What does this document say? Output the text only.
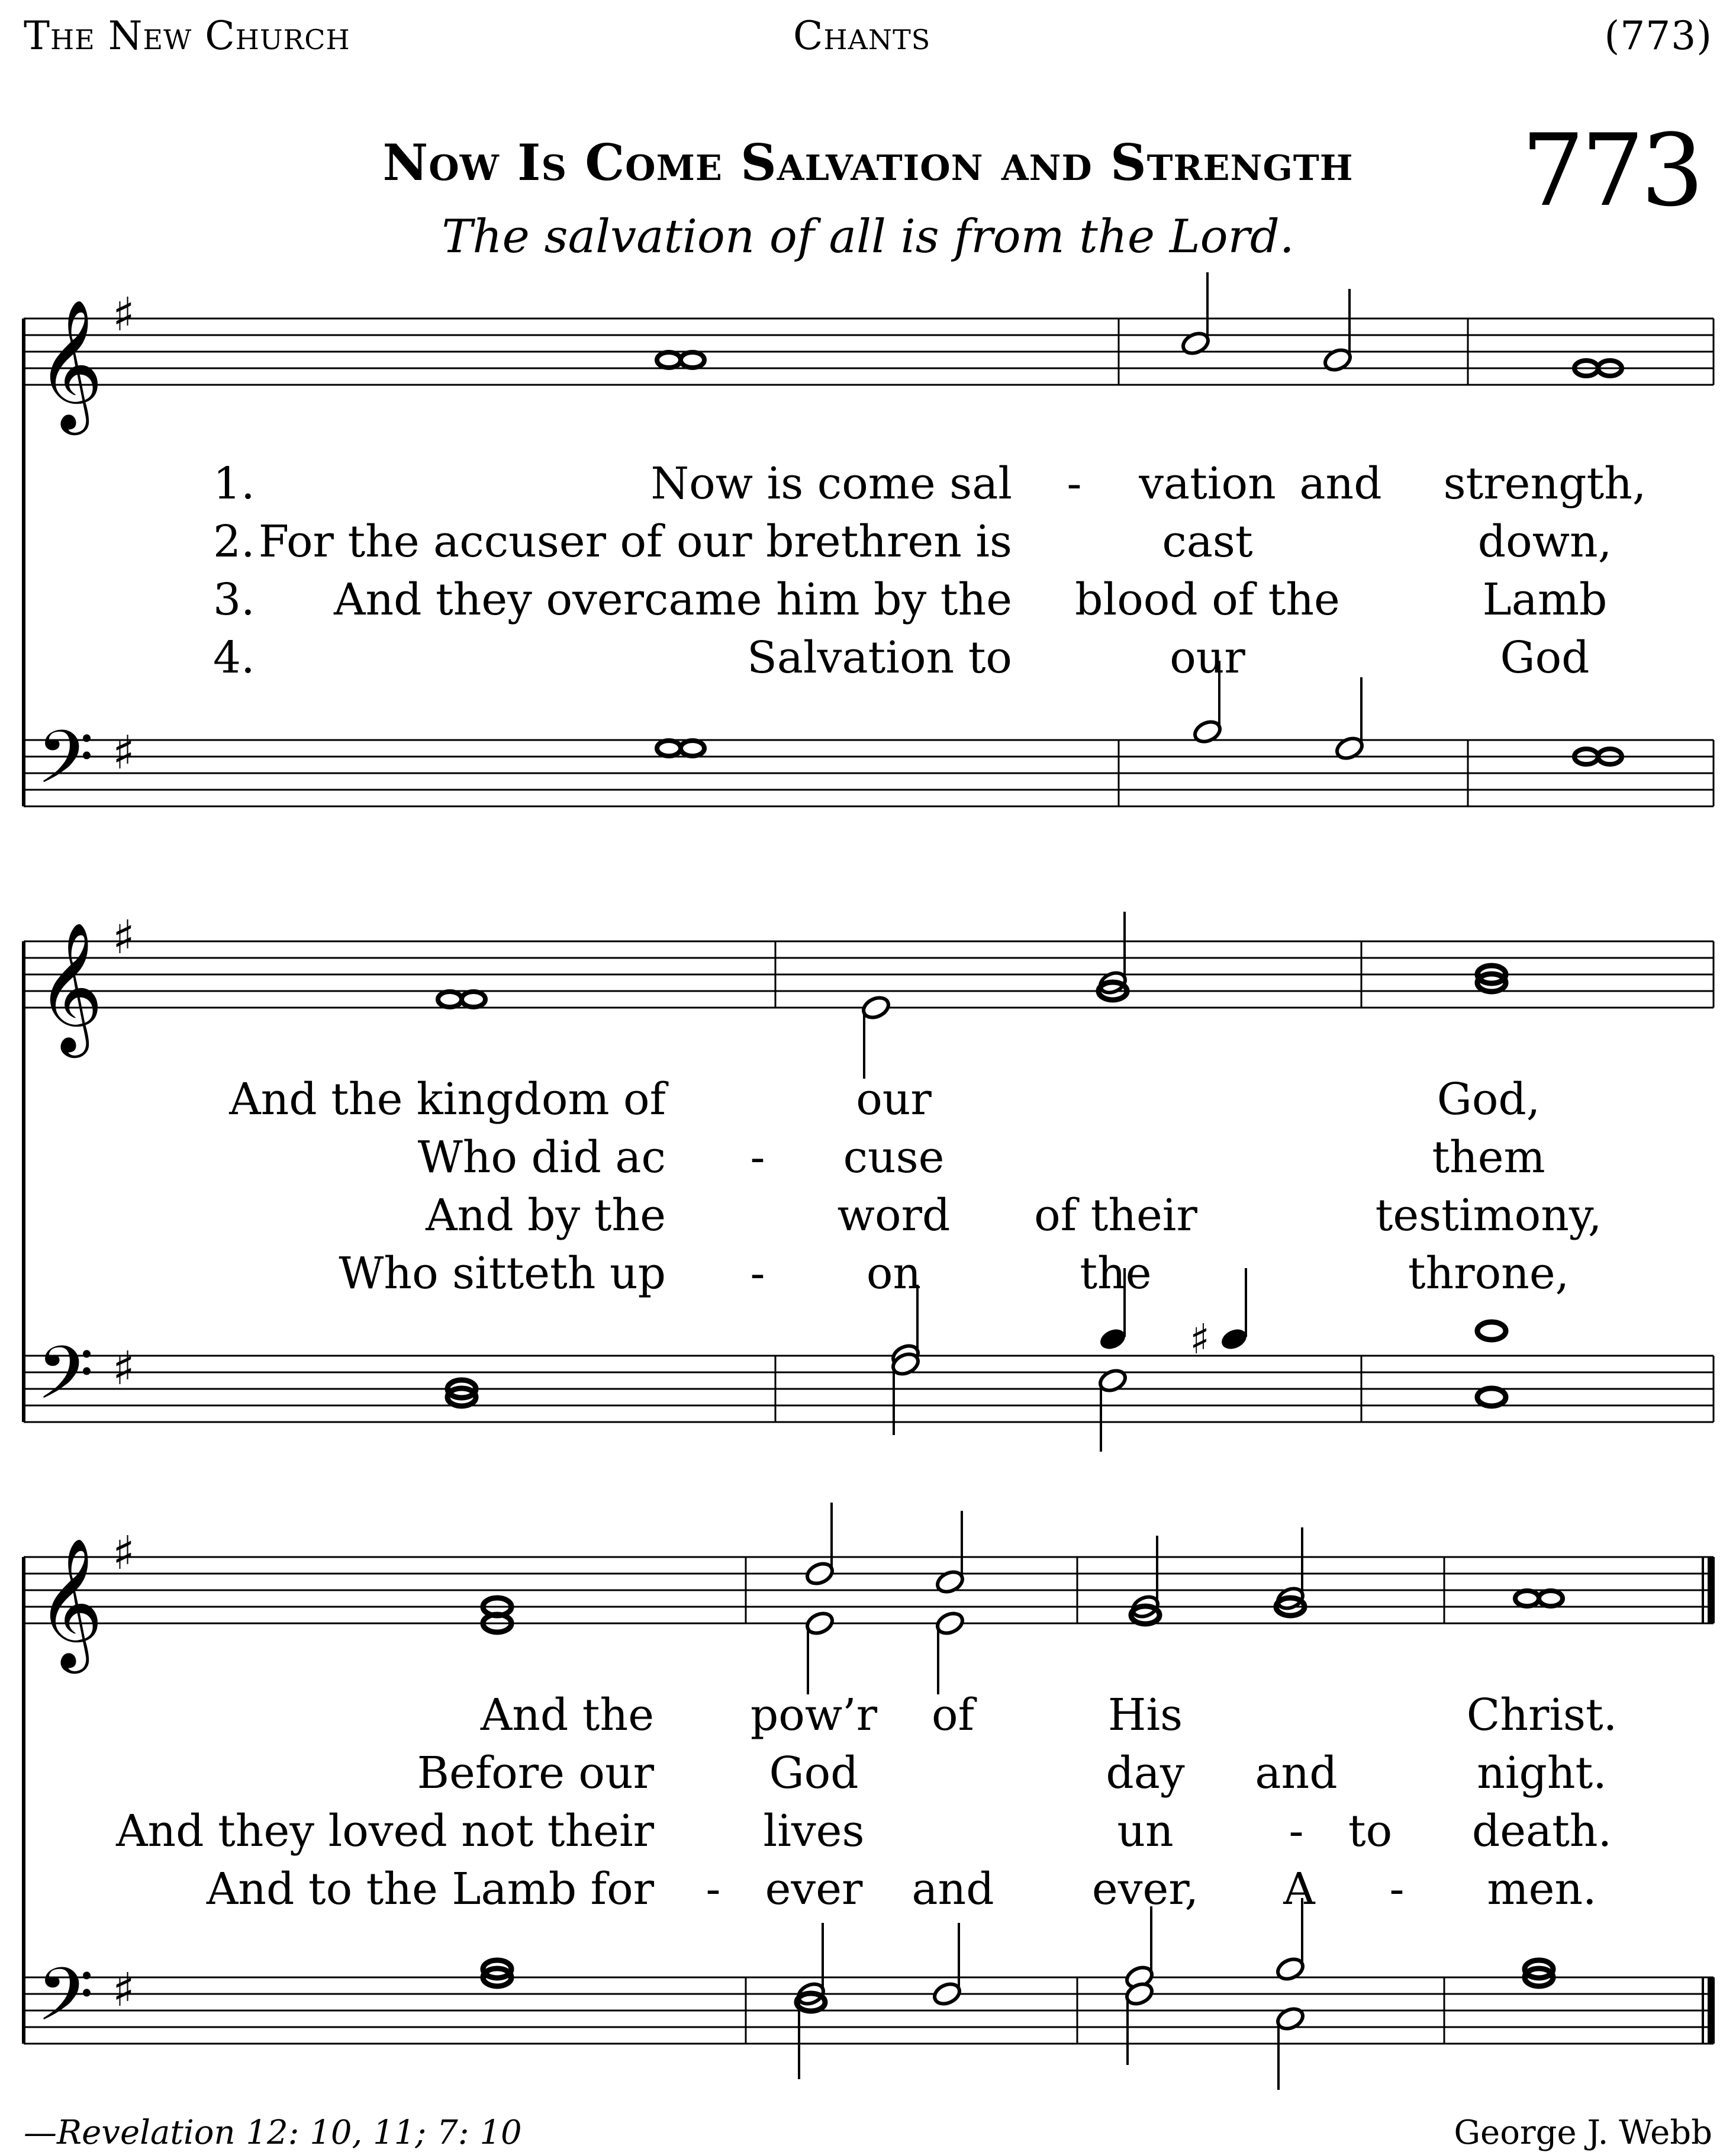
The New Church	Chants	(773)
Now Is Come Salvation and Strength	773
The salvation of all is from the Lord.
𝄞
𝄢
♯
♯
𝄞
𝄢
♯
♯
♯
𝄞
𝄢
♯
♯
1.
2.
3.
4.
Now is come sal - vation and strength,
For the accuser of our brethren is	cast	down,
And they overcame him by the blood of the	Lamb
Salvation to	our	God
And the kingdom of	our	God,
Who did ac - cuse	them
And by the	word of their	testimony,
Who sitteth up - on	the	throne,
And the pow’r of	His	Christ.
Before our	God	day and	night.
And they loved not their lives	un	- to death.
And to the Lamb for - ever and ever, A - men.
—Revelation 12: 10, 11; 7: 10	George J. Webb
